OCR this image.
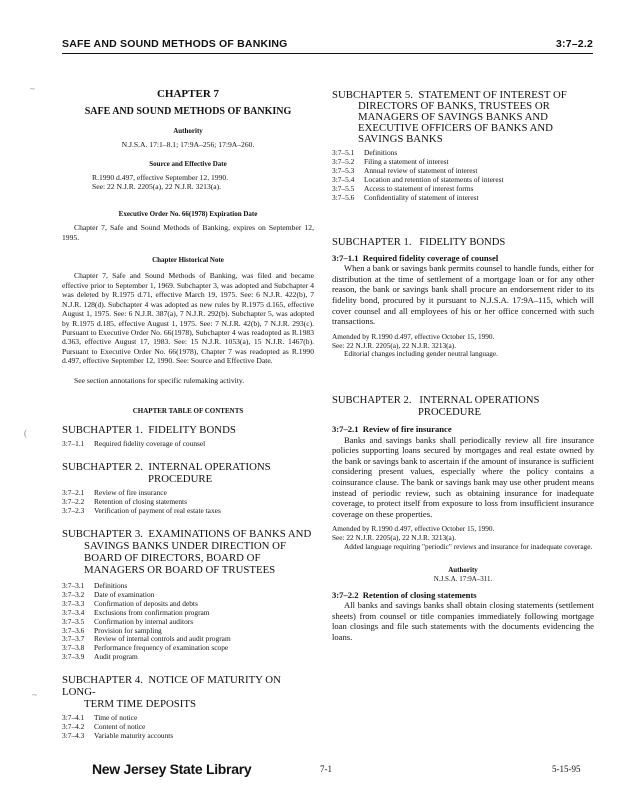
SAFE AND SOUND METHODS OF BANKING	3:7–2.2
~
(
~
CHAPTER 7
SAFE AND SOUND METHODS OF BANKING
Authority
N.J.S.A. 17:1–8.1; 17:9A–256; 17:9A–260.
Source and Effective Date
R.1990 d.497, effective September 12, 1990.
See: 22 N.J.R. 2205(a), 22 N.J.R. 3213(a).
Executive Order No. 66(1978) Expiration Date

Chapter 7, Safe and Sound Methods of Banking, expires on September 12, 1995.

Chapter Historical Note

Chapter 7, Safe and Sound Methods of Banking, was filed and became effective prior to September 1, 1969. Subchapter 3, was adopted and Subchapter 4 was deleted by R.1975 d.71, effective March 19, 1975. See: 6 N.J.R. 422(b), 7 N.J.R. 128(d). Subchapter 4 was adopted as new rules by R.1975 d.165, effective August 1, 1975. See: 6 N.J.R. 387(a), 7 N.J.R. 292(b). Subchapter 5, was adopted by R.1975 d.185, effective August 1, 1975. See: 7 N.J.R. 42(b), 7 N.J.R. 293(c). Pursuant to Executive Order No. 66(1978), Subchapter 4 was readopted as R.1983 d.363, effective August 17, 1983. See: 15 N.J.R. 1053(a), 15 N.J.R. 1467(b). Pursuant to Executive Order No. 66(1978), Chapter 7 was readopted as R.1990 d.497, effective September 12, 1990. See: Source and Effective Date.

See section annotations for specific rulemaking activity.

CHAPTER TABLE OF CONTENTS
SUBCHAPTER 1. FIDELITY BONDS
3:7–1.1	Required fidelity coverage of counsel
SUBCHAPTER 2. INTERNAL OPERATIONS
PROCEDURE
3:7–2.1	Review of fire insurance
3:7–2.2	Retention of closing statements
3:7–2.3	Verification of payment of real estate taxes
SUBCHAPTER 3. EXAMINATIONS OF BANKS AND
SAVINGS BANKS UNDER DIRECTION OF BOARD OF DIRECTORS, BOARD OF MANAGERS OR BOARD OF TRUSTEES
3:7–3.1	Definitions
3:7–3.2	Date of examination
3:7–3.3	Confirmation of deposits and debts
3:7–3.4	Exclusions from confirmation program
3:7–3.5	Confirmation by internal auditors
3:7–3.6	Provision for sampling
3:7–3.7	Review of internal controls and audit program
3:7–3.8	Performance frequency of examination scope
3:7–3.9	Audit program
SUBCHAPTER 4. NOTICE OF MATURITY ON LONG-
TERM TIME DEPOSITS
3:7–4.1	Time of notice
3:7–4.2	Content of notice
3:7–4.3	Variable maturity accounts
SUBCHAPTER 5. STATEMENT OF INTEREST OF
DIRECTORS OF BANKS, TRUSTEES OR MANAGERS OF SAVINGS BANKS AND EXECUTIVE OFFICERS OF BANKS AND SAVINGS BANKS
3:7–5.1	Definitions
3:7–5.2	Filing a statement of interest
3:7–5.3	Annual review of statement of interest
3:7–5.4	Location and retention of statements of interest
3:7–5.5	Access to statement of interest forms
3:7–5.6	Confidentiality of statement of interest
SUBCHAPTER 1.   FIDELITY BONDS
3:7–1.1 Required fidelity coverage of counsel

When a bank or savings bank permits counsel to handle funds, either for distribution at the time of settlement of a mortgage loan or for any other reason, the bank or savings bank shall procure an endorsement rider to its fidelity bond, procured by it pursuant to N.J.S.A. 17:9A–115, which will cover counsel and all employees of his or her office concerned with such transactions.

Amended by R.1990 d.497, effective October 15, 1990.
See: 22 N.J.R. 2205(a), 22 N.J.R. 3213(a).
Editorial changes including gender neutral language.
SUBCHAPTER 2.   INTERNAL OPERATIONS
PROCEDURE
3:7–2.1 Review of fire insurance

Banks and savings banks shall periodically review all fire insurance policies supporting loans secured by mortgages and real estate owned by the bank or savings bank to ascertain if the amount of insurance is sufficient considering present values, especially where the policy contains a coinsurance clause. The bank or savings bank may use other prudent means instead of periodic review, such as obtaining insurance for inadequate coverage, to protect itself from exposure to loss from insufficient insurance coverage on these properties.

Amended by R.1990 d.497, effective October 15, 1990.
See: 22 N.J.R. 2205(a), 22 N.J.R. 3213(a).
Added language requiring "periodic" reviews and insurance for inadequate coverage.
Authority
N.J.S.A. 17:9A–311.
3:7–2.2 Retention of closing statements

All banks and savings banks shall obtain closing statements (settlement sheets) from counsel or title companies immediately following mortgage loan closings and file such statements with the documents evidencing the loans.

New Jersey State Library	7-1	5-15-95
